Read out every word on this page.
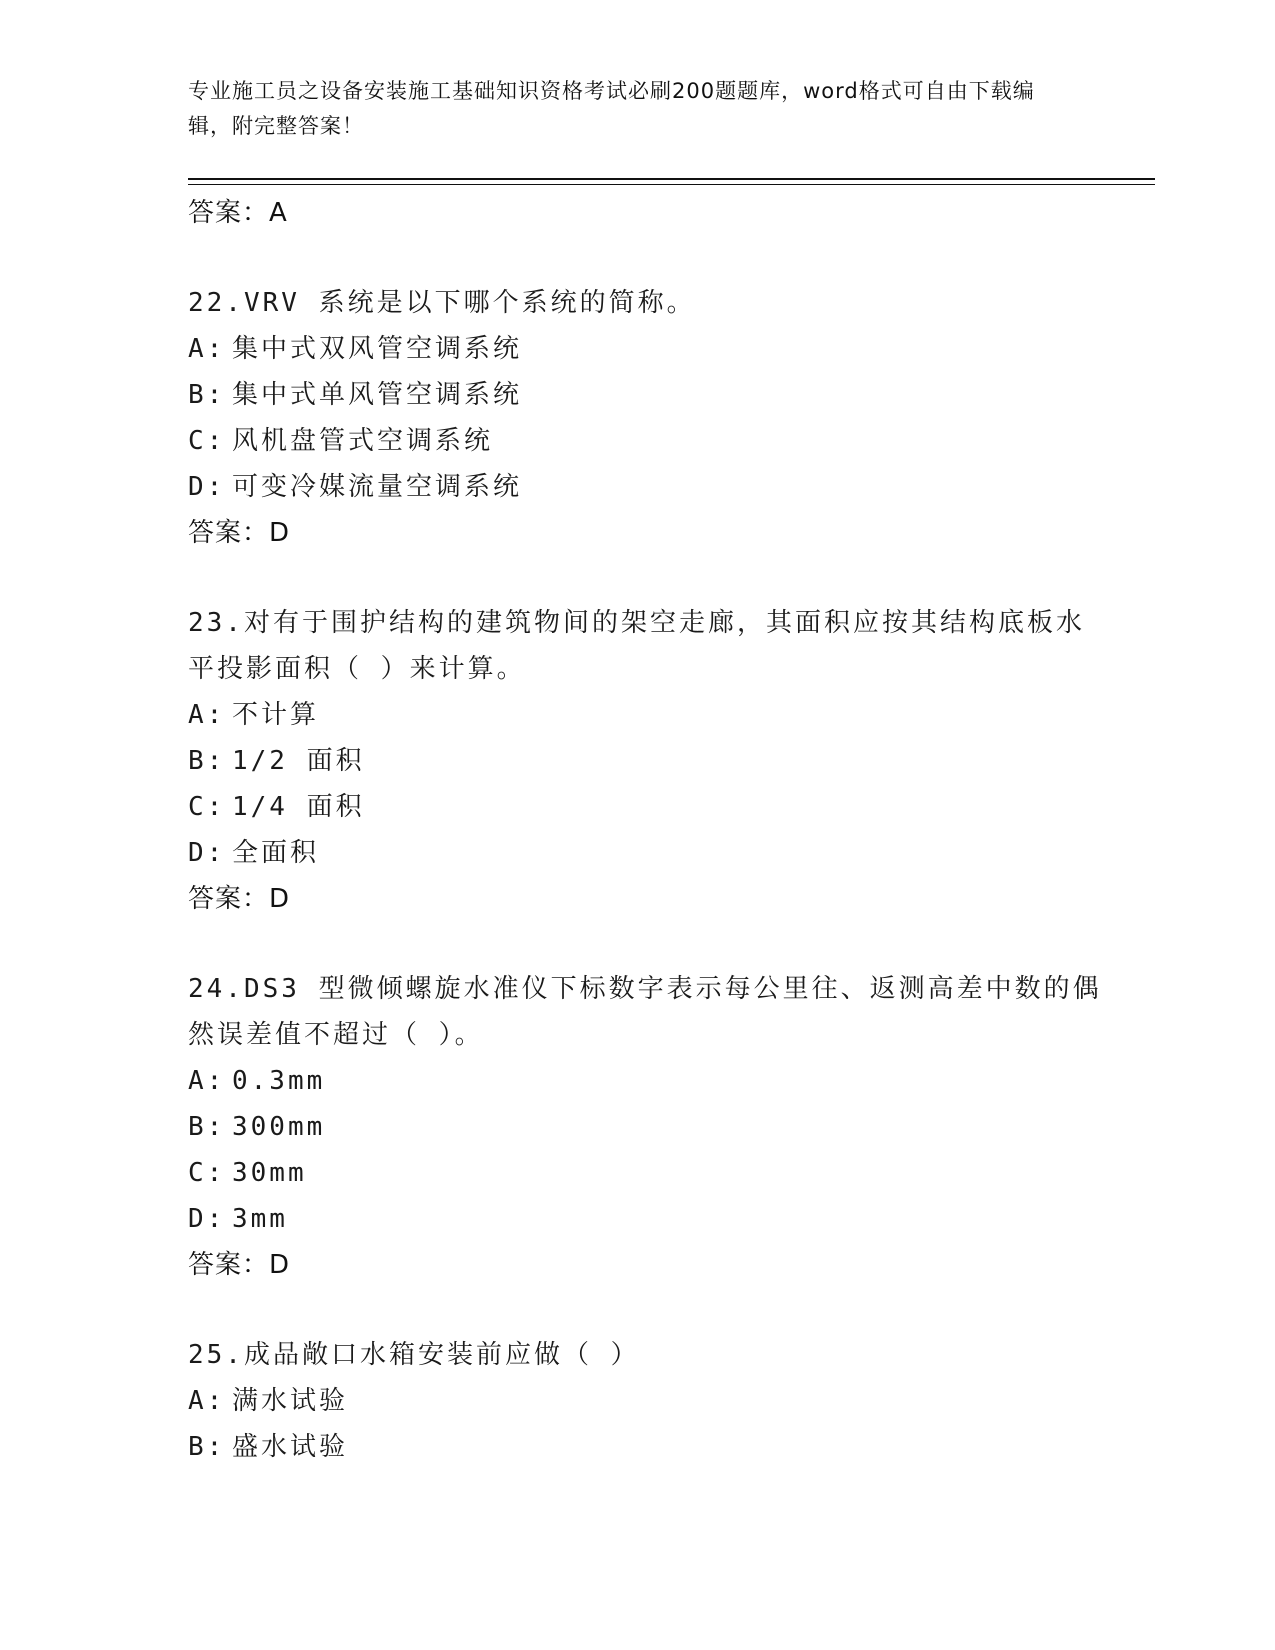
专业施工员之设备安装施工基础知识资格考试必刷200题题库，word格式可自由下载编辑，附完整答案！
答案：A
22.VRV 系统是以下哪个系统的简称。
A: 集中式双风管空调系统
B: 集中式单风管空调系统
C: 风机盘管式空调系统
D: 可变冷媒流量空调系统
答案：D
23.对有于围护结构的建筑物间的架空走廊，其面积应按其结构底板水
平投影面积（ ）来计算。
A: 不计算
B: 1/2 面积
C: 1/4 面积
D: 全面积
答案：D
24.DS3 型微倾螺旋水准仪下标数字表示每公里往、返测高差中数的偶
然误差值不超过（ ）。
A: 0.3mm
B: 300mm
C: 30mm
D: 3mm
答案：D
25.成品敞口水箱安装前应做（ ）
A: 满水试验
B: 盛水试验
